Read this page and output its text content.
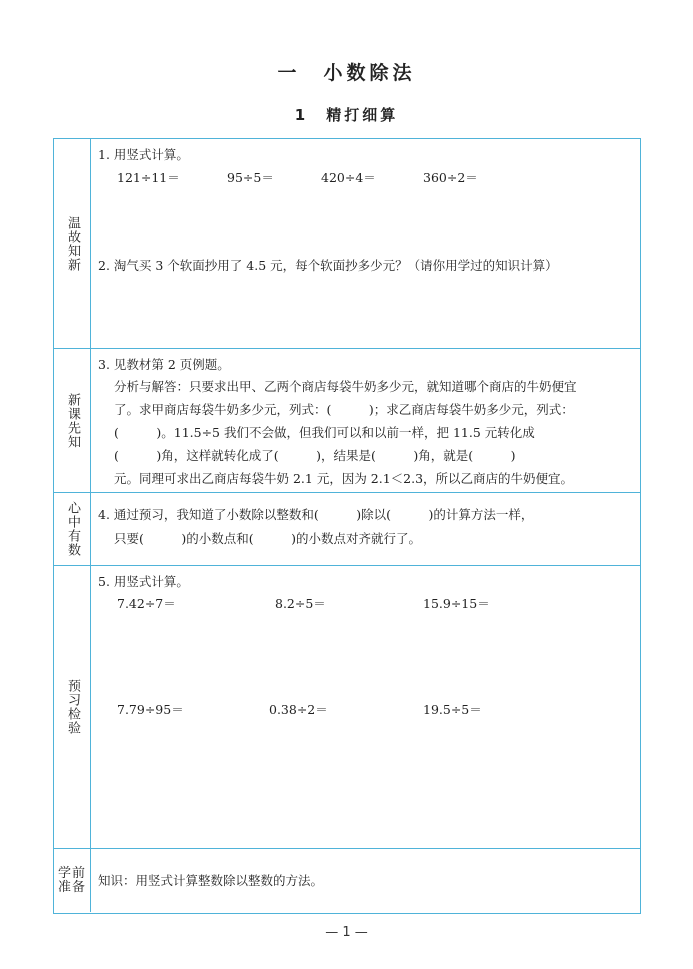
一　小数除法
1　精打细算
温故知新
1. 用竖式计算。
121÷11＝	95÷5＝	420÷4＝	360÷2＝
2. 淘气买 3 个软面抄用了 4.5 元，每个软面抄多少元？（请你用学过的知识计算）
新课先知
3. 见教材第 2 页例题。
分析与解答：只要求出甲、乙两个商店每袋牛奶多少元，就知道哪个商店的牛奶便宜
了。求甲商店每袋牛奶多少元，列式：(　　　)；求乙商店每袋牛奶多少元，列式：
(　　　)。11.5÷5 我们不会做，但我们可以和以前一样，把 11.5 元转化成
(　　　)角，这样就转化成了(　　　)，结果是(　　　)角，就是(　　　)
元。同理可求出乙商店每袋牛奶 2.1 元，因为 2.1＜2.3，所以乙商店的牛奶便宜。
心中有数 4. 通过预习，我知道了小数除以整数和(　　　)除以(　　　)的计算方法一样，
只要(　　　)的小数点和(　　　)的小数点对齐就行了。
预习检验
5. 用竖式计算。
7.42÷7＝	8.2÷5＝	15.9÷15＝
7.79÷95＝	0.38÷2＝	19.5÷5＝
学前准备 知识：用竖式计算整数除以整数的方法。
— 1 —
